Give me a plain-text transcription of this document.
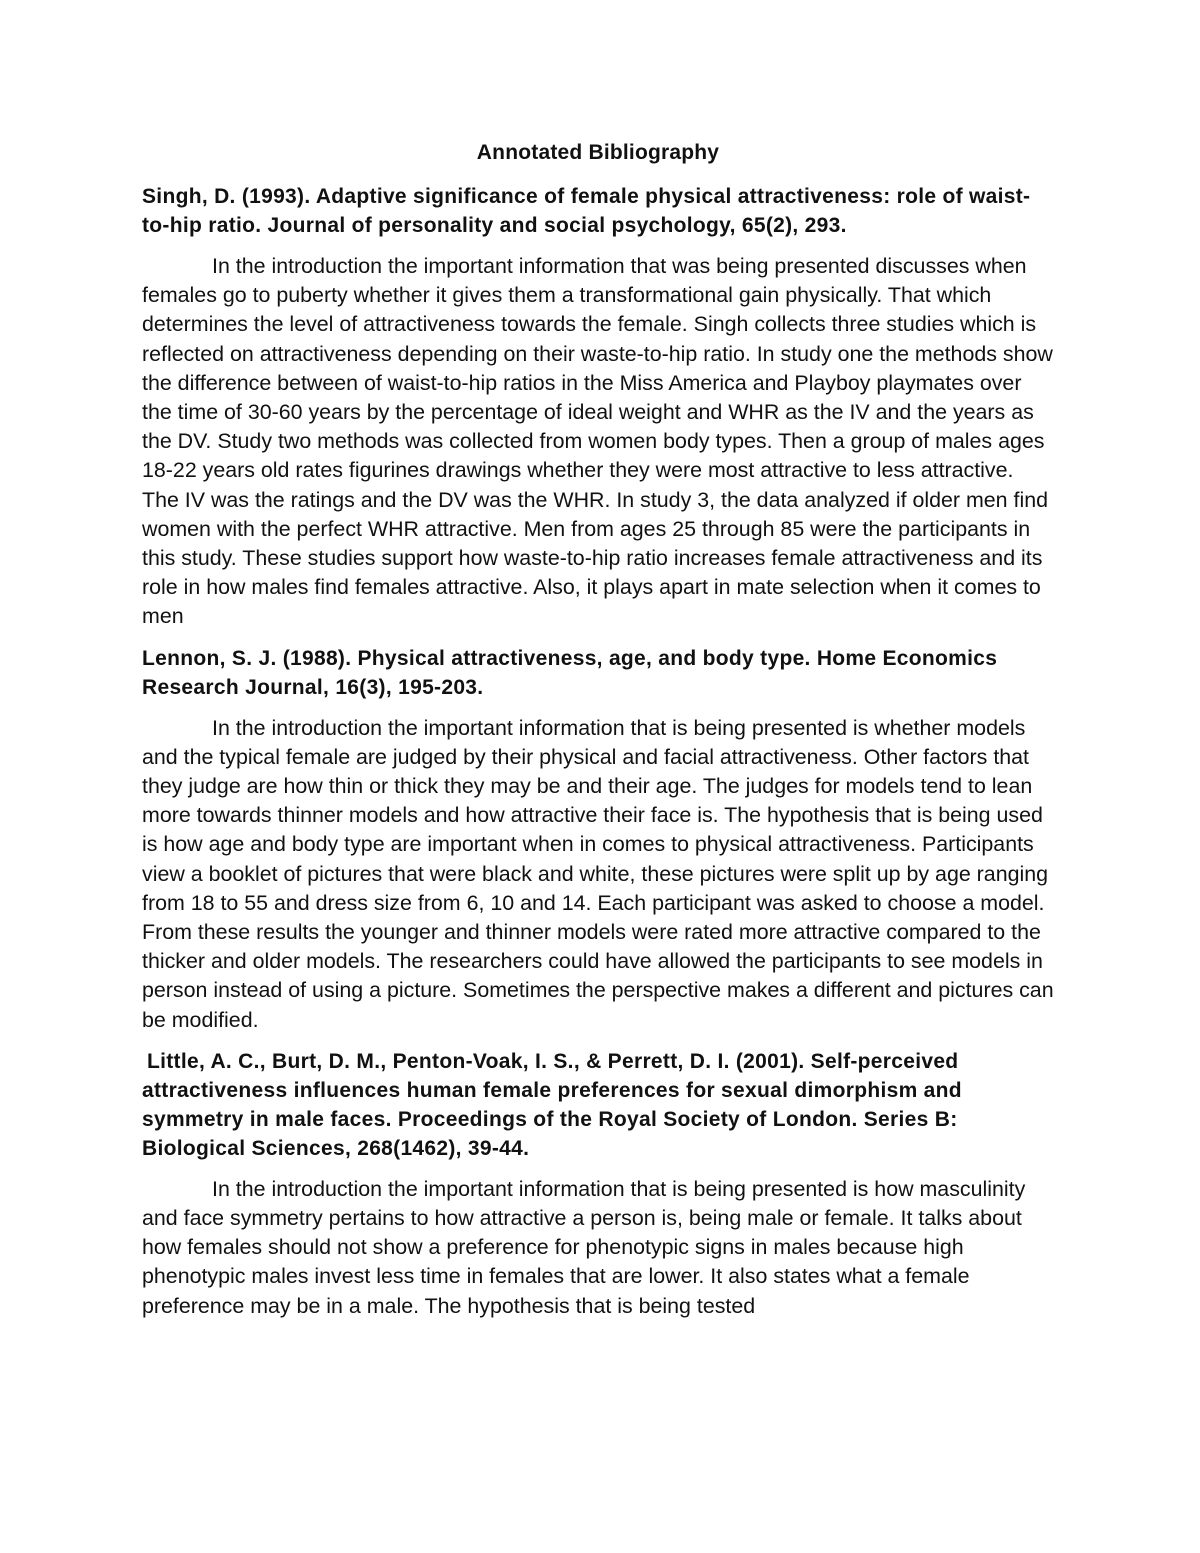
Annotated Bibliography

Singh, D. (1993). Adaptive significance of female physical attractiveness: role of waist-to-hip ratio. Journal of personality and social psychology, 65(2), 293.

In the introduction the important information that was being presented discusses when females go to puberty whether it gives them a transformational gain physically. That which determines the level of attractiveness towards the female. Singh collects three studies which is reflected on attractiveness depending on their waste-to-hip ratio. In study one the methods show the difference between of waist-to-hip ratios in the Miss America and Playboy playmates over the time of 30-60 years by the percentage of ideal weight and WHR as the IV and the years as the DV. Study two methods was collected from women body types. Then a group of males ages 18-22 years old rates figurines drawings whether they were most attractive to less attractive. The IV was the ratings and the DV was the WHR. In study 3, the data analyzed if older men find women with the perfect WHR attractive. Men from ages 25 through 85 were the participants in this study. These studies support how waste-to-hip ratio increases female attractiveness and its role in how males find females attractive. Also, it plays apart in mate selection when it comes to men

Lennon, S. J. (1988). Physical attractiveness, age, and body type. Home Economics Research Journal, 16(3), 195-203.

In the introduction the important information that is being presented is whether models and the typical female are judged by their physical and facial attractiveness. Other factors that they judge are how thin or thick they may be and their age. The judges for models tend to lean more towards thinner models and how attractive their face is. The hypothesis that is being used is how age and body type are important when in comes to physical attractiveness. Participants view a booklet of pictures that were black and white, these pictures were split up by age ranging from 18 to 55 and dress size from 6, 10 and 14. Each participant was asked to choose a model. From these results the younger and thinner models were rated more attractive compared to the thicker and older models. The researchers could have allowed the participants to see models in person instead of using a picture. Sometimes the perspective makes a different and pictures can be modified.

Little, A. C., Burt, D. M., Penton-Voak, I. S., & Perrett, D. I. (2001). Self-perceived attractiveness influences human female preferences for sexual dimorphism and symmetry in male faces. Proceedings of the Royal Society of London. Series B: Biological Sciences, 268(1462), 39-44.

In the introduction the important information that is being presented is how masculinity and face symmetry pertains to how attractive a person is, being male or female. It talks about how females should not show a preference for phenotypic signs in males because high phenotypic males invest less time in females that are lower. It also states what a female preference may be in a male. The hypothesis that is being tested
